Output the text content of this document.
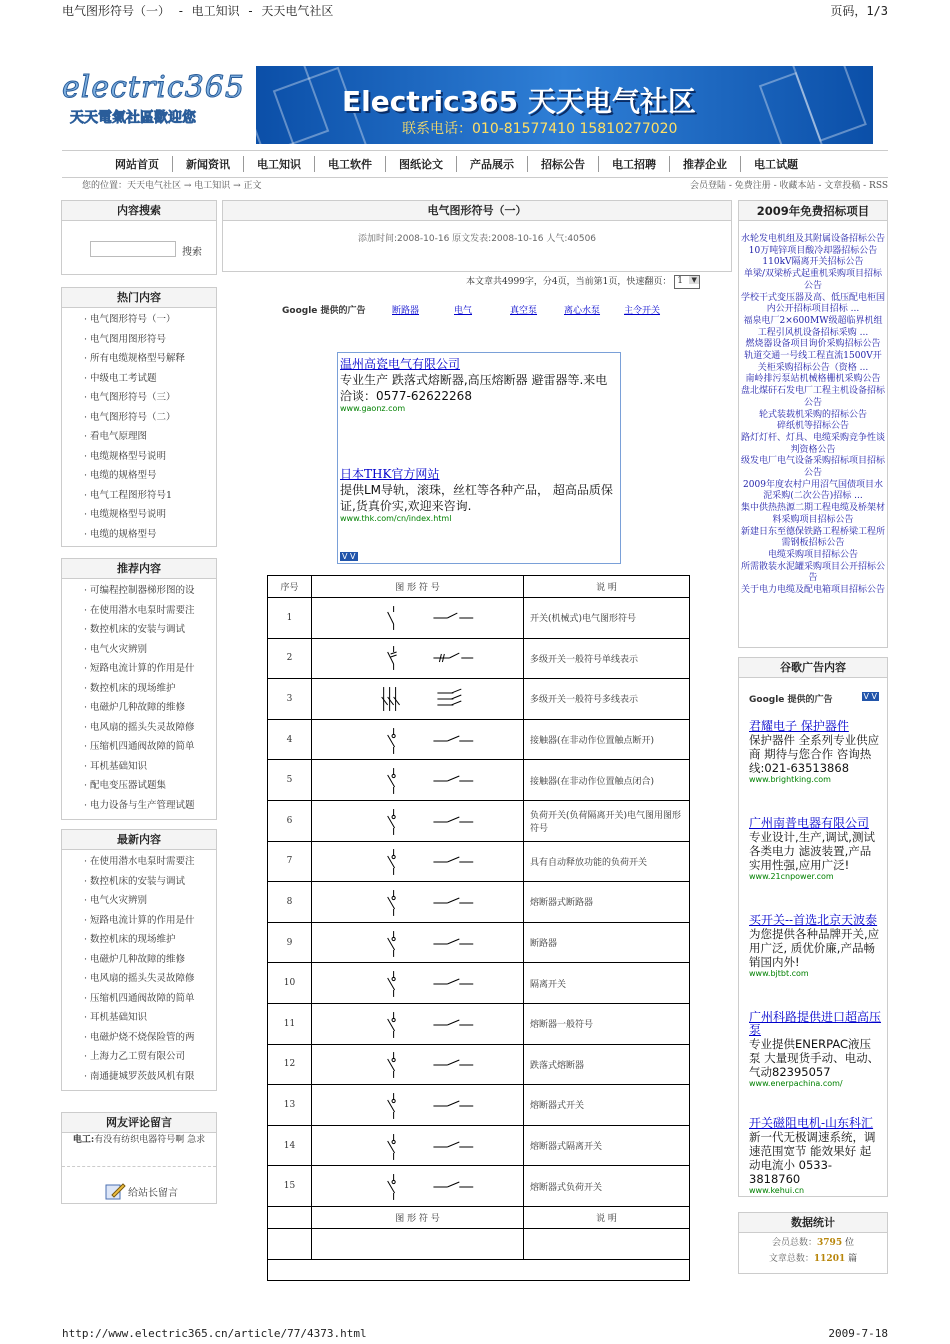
电气图形符号（一） - 电工知识 - 天天电气社区	页码，1/3
electric365
天天電氣社區歡迎您	Electric365 天天电气社区
联系电话：010-81577410 15810277020
网站首页	新闻资讯	电工知识	电工软件	图纸论文	产品展示	招标公告	电工招聘	推荐企业	电工试题
您的位置：天天电气社区 → 电工知识 → 正文	会员登陆 - 免费注册 - 收藏本站 - 文章投稿 - RSS
内容搜索
搜索
热门内容
· 电气图形符号（一）
· 电气图用图形符号
· 所有电缆规格型号解释
· 中级电工考试题
· 电气图形符号（三）
· 电气图形符号（二）
· 看电气原理图
· 电缆规格型号说明
· 电缆的规格型号
· 电气工程图形符号1
· 电缆规格型号说明
· 电缆的规格型号
推荐内容
· 可编程控制器梯形图的设
· 在使用潜水电泵时需要注
· 数控机床的安装与调试
· 电气火灾辨别
· 短路电流计算的作用是什
· 数控机床的现场维护
· 电磁炉几种故障的维修
· 电风扇的摇头失灵故障修
· 压缩机四通阀故障的简单
· 耳机基础知识
· 配电变压器试题集
· 电力设备与生产管理试题
最新内容
· 在使用潜水电泵时需要注
· 数控机床的安装与调试
· 电气火灾辨别
· 短路电流计算的作用是什
· 数控机床的现场维护
· 电磁炉几种故障的维修
· 电风扇的摇头失灵故障修
· 压缩机四通阀故障的简单
· 耳机基础知识
· 电磁炉烧不烧保险管的两
· 上海力乙工贸有限公司
· 南通捷城罗茨鼓风机有限
网友评论留言
电工:有没有纺织电器符号啊 急求
给站长留言
电气图形符号（一）
添加时间:2008-10-16 原文发表:2008-10-16 人气:40506
本文章共4999字，分4页，当前第1页，快速翻页： 1	▼
Google 提供的广告	断路器	电气	真空泵	离心水泵	主令开关
温州高瓷电气有限公司
专业生产 跌落式熔断器,高压熔断器 避雷器等.来电洽谈：0577-62622268
www.gaonz.com
日本THK官方网站
提供LM导轨，滚珠，丝杠等各种产品， 超高品质保证,货真价实,欢迎来咨询.
www.thk.com/cn/index.html
V V
序号	图 形 符 号	说 明
1	开关(机械式)电气图形符号
2	多级开关一般符号单线表示
3	多级开关一般符号多线表示
4	接触器(在非动作位置触点断开)
5	接触器(在非动作位置触点闭合)
6	负荷开关(负荷隔离开关)电气图用图形符号
7	具有自动释放功能的负荷开关
8	熔断器式断路器
9	断路器
10	隔离开关
11	熔断器一般符号
12	跌落式熔断器
13	熔断器式开关
14	熔断器式隔离开关
15	熔断器式负荷开关
图 形 符 号	说 明
2009年免费招标项目
水轮发电机组及其附属设备招标公告
10万吨锌项目酸冷却器招标公告
110kV隔离开关招标公告
单梁/双梁桥式起重机采购项目招标公告
学校干式变压器及高、低压配电柜国内公开招标项目招标 ...
福泉电厂2×600MW级超临界机组工程引风机设备招标采购 ...
燃烧器设备项目询价采购招标公告
轨道交通一号线工程直流1500V开关柜采购招标公告（资格 ...
南岭排污泵站机械格栅机采购公告
盘北煤矸石发电厂工程主机设备招标公告
轮式装载机采购的招标公告
碎纸机等招标公告
路灯灯杆、灯具、电缆采购竞争性谈判资格公告
级发电厂电气设备采购招标项目招标公告
2009年度农村户用沼气国债项目水泥采购(二次公告)招标 ...
集中供热热源二期工程电缆及桥架材料采购项目招标公告
新建日东至德保铁路工程桥梁工程所需钢板招标公告
电缆采购项目招标公告
所需散装水泥罐采购项目公开招标公告
关于电力电缆及配电箱项目招标公告
谷歌广告内容
Google 提供的广告	V V
君耀电子 保护器件
保护器件 全系列专业供应商 期待与您合作 咨询热线:021-63513868
www.brightking.com
广州南普电器有限公司
专业设计,生产,调试,测试各类电力 滤波装置,产品实用性强,应用广泛!
www.21cnpower.com
买开关--首选北京天波泰
为您提供各种品牌开关,应用广泛, 质优价廉,产品畅销国内外!
www.bjtbt.com
广州科路提供进口超高压泵
专业提供ENERPAC液压泵 大量现货手动、电动、气动82395057
www.enerpachina.com/
开关磁阻电机-山东科汇
新一代无极调速系统，调速范围宽节 能效果好 起动电流小 0533-3818760
www.kehui.cn
数据统计
会员总数：3795 位
文章总数：11201 篇
http://www.electric365.cn/article/77/4373.html	2009-7-18
